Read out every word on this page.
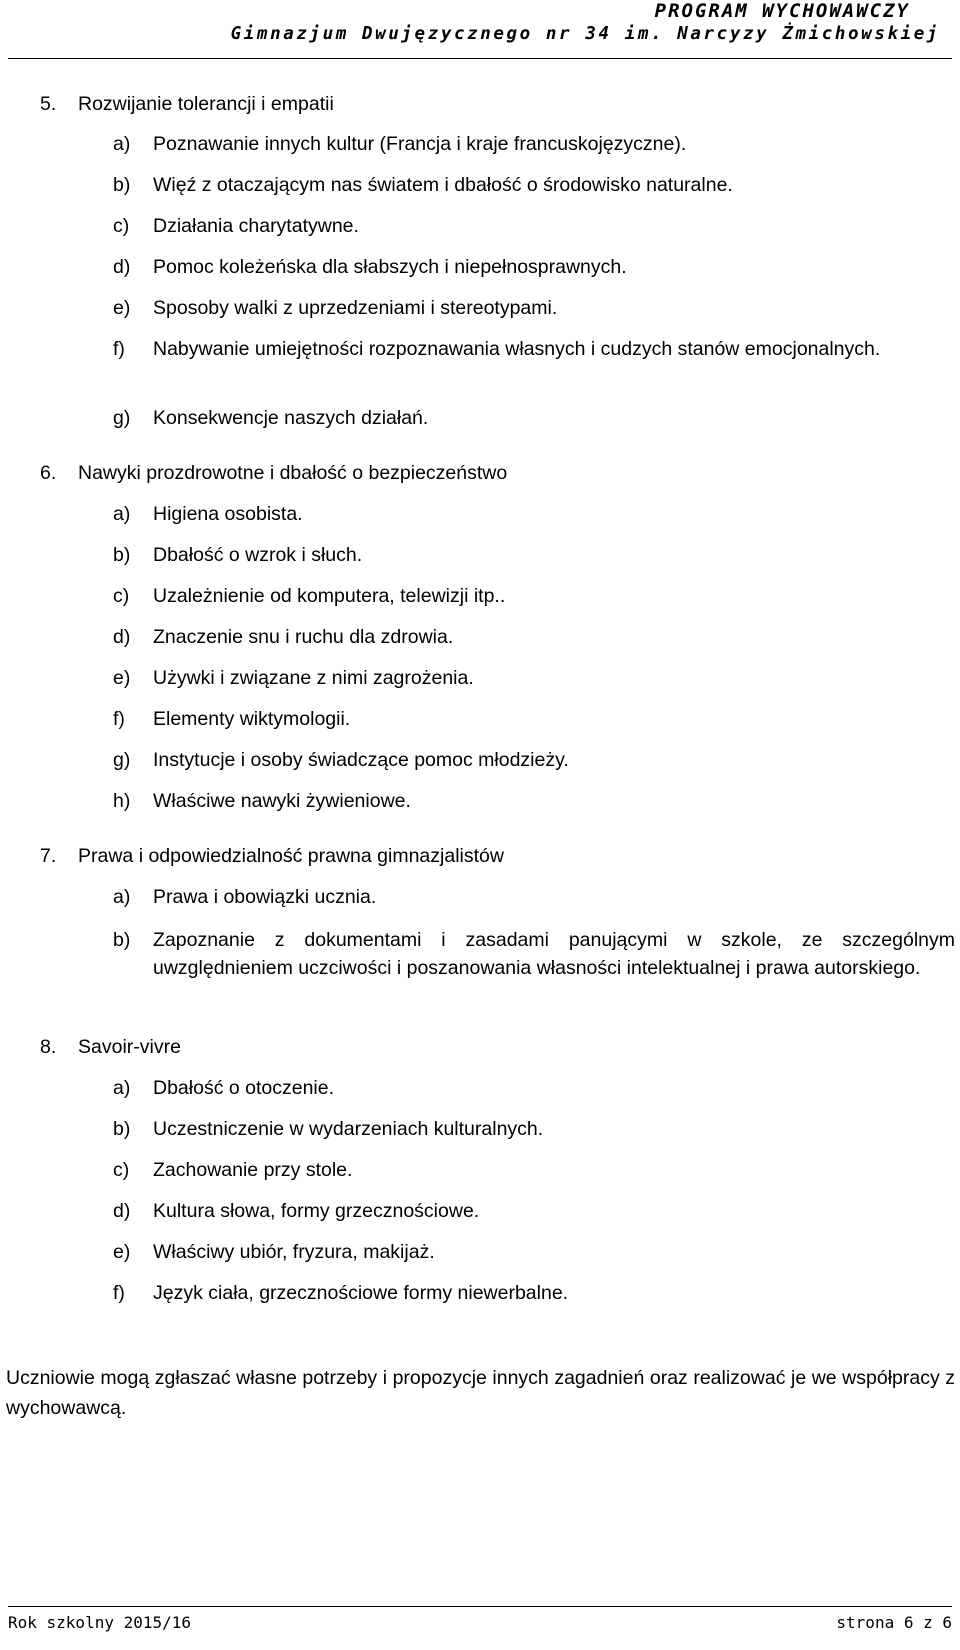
PROGRAM WYCHOWAWCZY
Gimnazjum Dwujęzycznego nr 34 im. Narcyzy Żmichowskiej
5. Rozwijanie tolerancji i empatii
a) Poznawanie innych kultur (Francja i kraje francuskojęzyczne).
b) Więź z otaczającym nas światem i dbałość o środowisko naturalne.
c) Działania charytatywne.
d) Pomoc koleżeńska dla słabszych i niepełnosprawnych.
e) Sposoby walki z uprzedzeniami i stereotypami.
f) Nabywanie umiejętności rozpoznawania własnych i cudzych stanów emocjonalnych.
g) Konsekwencje naszych działań.
6. Nawyki prozdrowotne i dbałość o bezpieczeństwo
a) Higiena osobista.
b) Dbałość o wzrok i słuch.
c) Uzależnienie od komputera, telewizji itp..
d) Znaczenie snu i ruchu dla zdrowia.
e) Używki i związane z nimi zagrożenia.
f) Elementy wiktymologii.
g) Instytucje i osoby świadczące pomoc młodzieży.
h) Właściwe nawyki żywieniowe.
7. Prawa i odpowiedzialność prawna gimnazjalistów
a) Prawa i obowiązki ucznia.
b) Zapoznanie z dokumentami i zasadami panującymi w szkole, ze szczególnym uwzględnieniem uczciwości i poszanowania własności intelektualnej i prawa autorskiego.
8. Savoir-vivre
a) Dbałość o otoczenie.
b) Uczestniczenie w wydarzeniach kulturalnych.
c) Zachowanie przy stole.
d) Kultura słowa, formy grzecznościowe.
e) Właściwy ubiór, fryzura, makijaż.
f) Język ciała, grzecznościowe formy niewerbalne.
Uczniowie mogą zgłaszać własne potrzeby i propozycje innych zagadnień oraz realizować je we współpracy z wychowawcą.
Rok szkolny 2015/16	strona 6 z 6
